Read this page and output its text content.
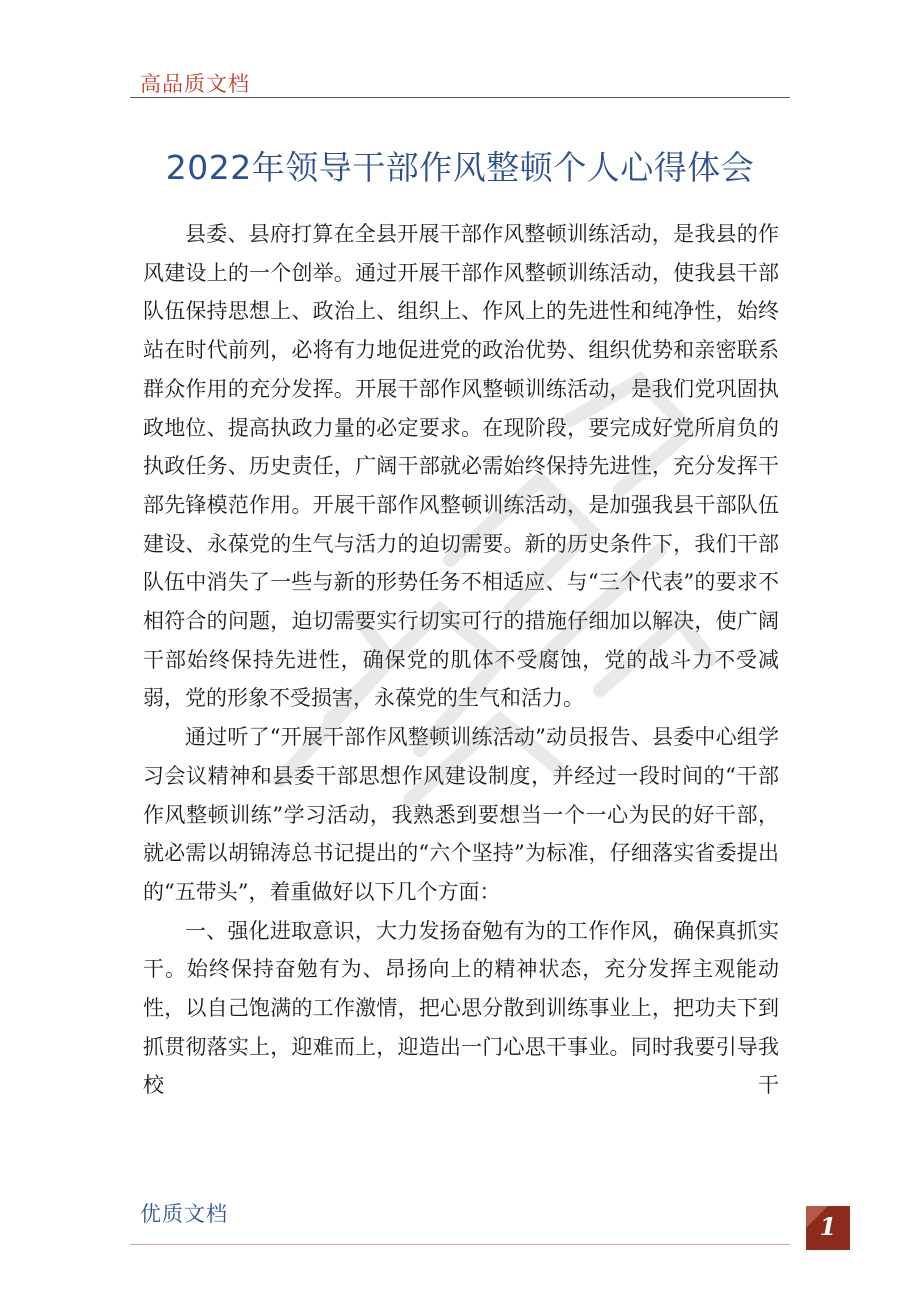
高品质文档
2022年领导干部作风整顿个人心得体会

县委、县府打算在全县开展干部作风整顿训练活动，是我县的作风建设上的一个创举。通过开展干部作风整顿训练活动，使我县干部队伍保持思想上、政治上、组织上、作风上的先进性和纯净性，始终站在时代前列，必将有力地促进党的政治优势、组织优势和亲密联系群众作用的充分发挥。开展干部作风整顿训练活动，是我们党巩固执政地位、提高执政力量的必定要求。在现阶段，要完成好党所肩负的执政任务、历史责任，广阔干部就必需始终保持先进性，充分发挥干部先锋模范作用。开展干部作风整顿训练活动，是加强我县干部队伍建设、永葆党的生气与活力的迫切需要。新的历史条件下，我们干部队伍中消失了一些与新的形势任务不相适应、与“三个代表”的要求不相符合的问题，迫切需要实行切实可行的措施仔细加以解决，使广阔干部始终保持先进性，确保党的肌体不受腐蚀，党的战斗力不受减弱，党的形象不受损害，永葆党的生气和活力。

通过听了“开展干部作风整顿训练活动”动员报告、县委中心组学习会议精神和县委干部思想作风建设制度，并经过一段时间的“干部作风整顿训练”学习活动，我熟悉到要想当一个一心为民的好干部，就必需以胡锦涛总书记提出的“六个坚持”为标准，仔细落实省委提出的“五带头”，着重做好以下几个方面：

一、强化进取意识，大力发扬奋勉有为的工作作风，确保真抓实干。始终保持奋勉有为、昂扬向上的精神状态，充分发挥主观能动性，以自己饱满的工作激情，把心思分散到训练事业上，把功夫下到抓贯彻落实上，迎难而上，迎造出一门心思干事业。同时我要引导我校干

优质文档	1
